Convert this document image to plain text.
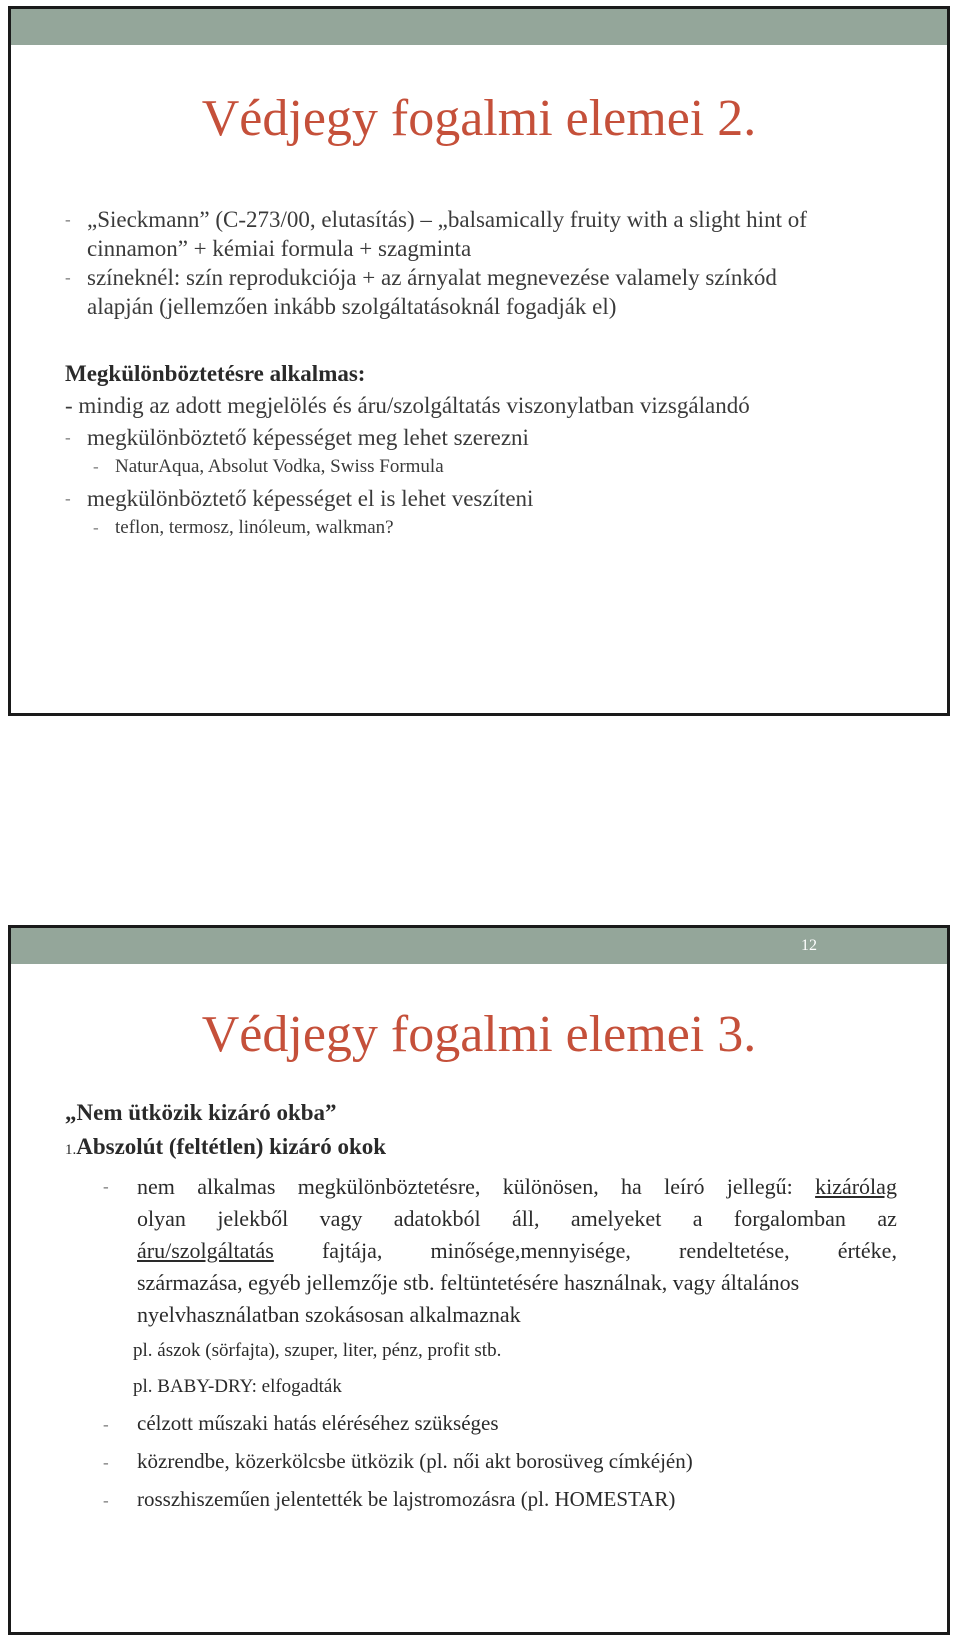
Védjegy fogalmi elemei 2.
- „Sieckmann” (C-273/00, elutasítás) – „balsamically fruity with a slight hint of
cinnamon” + kémiai formula + szagminta
- színeknél: szín reprodukciója + az árnyalat megnevezése valamely színkód
alapján (jellemzően inkább szolgáltatásoknál fogadják el)
Megkülönböztetésre alkalmas:
- mindig az adott megjelölés és áru/szolgáltatás viszonylatban vizsgálandó
- megkülönböztető képességet meg lehet szerezni
- NaturAqua, Absolut Vodka, Swiss Formula
- megkülönböztető képességet el is lehet veszíteni
- teflon, termosz, linóleum, walkman?
12
Védjegy fogalmi elemei 3.
„Nem ütközik kizáró okba”
1.Abszolút (feltétlen) kizáró okok
-	nem alkalmas megkülönböztetésre, különösen, ha leíró jellegű: kizárólag
olyan jelekből vagy adatokból áll, amelyeket a forgalomban az
áru/szolgáltatás fajtája, minősége,mennyisége, rendeltetése, értéke,
származása, egyéb jellemzője stb. feltüntetésére használnak, vagy általános
nyelvhasználatban szokásosan alkalmaznak
pl. ászok (sörfajta), szuper, liter, pénz, profit stb.
pl. BABY-DRY: elfogadták
- célzott műszaki hatás eléréséhez szükséges
- közrendbe, közerkölcsbe ütközik (pl. női akt borosüveg címkéjén)
- rosszhiszeműen jelentették be lajstromozásra (pl. HOMESTAR)
